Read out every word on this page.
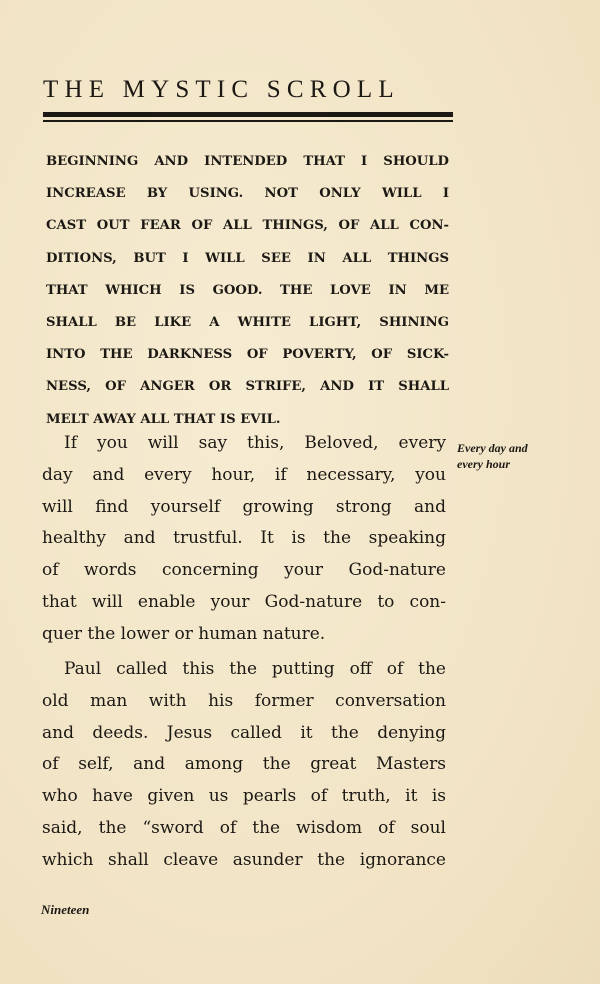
THE MYSTIC SCROLL
BEGINNING AND INTENDED THAT I SHOULD
INCREASE BY USING. NOT ONLY WILL I
CAST OUT FEAR OF ALL THINGS, OF ALL CON-
DITIONS, BUT I WILL SEE IN ALL THINGS
THAT WHICH IS GOOD. THE LOVE IN ME
SHALL BE LIKE A WHITE LIGHT, SHINING
INTO THE DARKNESS OF POVERTY, OF SICK-
NESS, OF ANGER OR STRIFE, AND IT SHALL
MELT AWAY ALL THAT IS EVIL.
If you will say this, Beloved, every
day and every hour, if necessary, you
will find yourself growing strong and
healthy and trustful. It is the speaking
of words concerning your God-nature
that will enable your God-nature to con-
quer the lower or human nature.
Every day and
every hour
Paul called this the putting off of the
old man with his former conversation
and deeds. Jesus called it the denying
of self, and among the great Masters
who have given us pearls of truth, it is
said, the “sword of the wisdom of soul
which shall cleave asunder the ignorance
Nineteen
